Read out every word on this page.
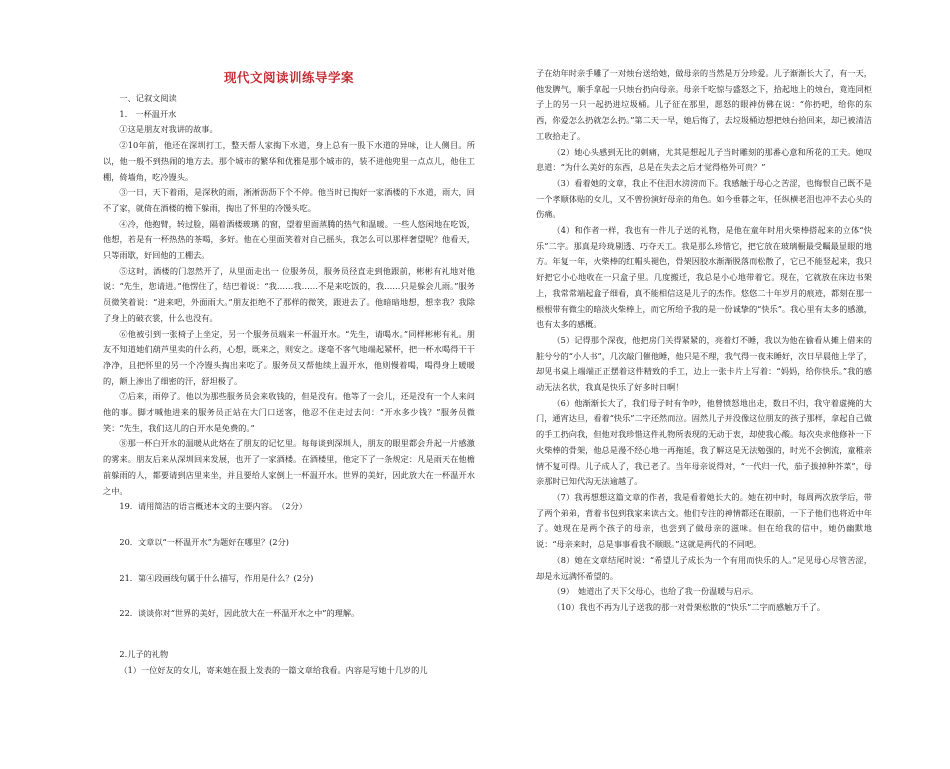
现代文阅读训练导学案

一、记叙文阅读

1.　一杯温开水

①这是朋友对我讲的故事。

②10年前，他还在深圳打工，整天帮人家掏下水道，身上总有一股下水道的异味，让人侧目。所以，他一般不到热闹的地方去。那个城市的繁华和优雅是那个城市的，装不进他兜里一点点儿，他住工棚，倚墙角，吃冷馒头。

③一日，天下着雨，是深秋的雨，淅淅沥沥下个不停。他当时已掏好一家酒楼的下水道，雨大，回不了家，就倚在酒楼的檐下躲雨，掏出了怀里的冷馒头吃。

④冷，他抱臂，转过脸，隔着酒楼玻璃 的窗，望着里面蒸腾的热气和温暖。一些人悠闲地在吃饭，他想，若是有一杯热热的茶喝，多好。他在心里面笑着对自己摇头，我怎么可以那样奢望呢？他看天，只等雨歇，好回他的工棚去。

⑤这时，酒楼的门忽然开了，从里面走出一 位服务员，服务员径直走到他跟前，彬彬有礼地对他说：“先生，您请进。”他愣住了，结巴着说：“我……我……不是来吃饭的，我……只是躲会儿雨。”服务员微笑着说：“进来吧，外面雨大。”朋友拒绝不了那样的微笑，跟进去了。他暗暗地想，想幸我？我除了身上的破衣裳，什么也没有。

⑥他被引到一张椅子上坐定，另一个服务员端来一杯温开水。“先生，请喝水。”同样彬彬有礼。朋友不知道她们葫芦里卖的什么药，心想，既来之，则安之。遂毫不客气地端起紧杯，把一杯水喝得干干净净，且把怀里的另一个冷馒头掏出来吃了。服务员又帮他续上温开水，他则慢着喝，喝得身上暖暖的，额上渗出了细密的汗，舒坦极了。

⑦后来，雨停了。他以为那些服务员会来收钱的，但是没有。他等了一会儿，还是没有一个人来问他的事。脚才喊他进来的服务员正站在大门口送客，他忍不住走过去问：“开水多少钱？”服务员微笑：“先生，我们这儿的白开水是免费的。”

⑧那一杯白开水的温暖从此烙在了朋友的记忆里。每每谈到深圳人，朋友的眼里都会升起一片感激的雾来。朋友后来从深圳回来发展，也开了一家酒楼。在酒楼里，他定下了一条规定：凡是雨天在他檐前躲雨的人，都要请到店里来坐，并且要给人家倒上一杯温开水。世界的美好，因此放大在一杯温开水之中。

19．请用简洁的语言概述本文的主要内容。　（2分）

20．文章以“一杯温开水”为题好在哪里？(2分)

21．第④段画线句属于什么描写，作用是什么？(2分)

22．谈谈你对“世界的美好，因此放大在一杯温开水之中”的理解。

2.儿子的礼物

（1）一位好友的女儿，寄来她在报上发表的一篇文章给我看。内容是写她十几岁的儿

子在幼年时亲手雕了一对烛台送给她，做母亲的当然是万分珍爱。儿子渐渐长大了，有一天，他发脾气，顺手拿起一只烛台扔向母亲。母亲千吃惊与盛怒之下，拾起地上的烛台，竟连同柜子上的另一只一起扔进垃圾桶。儿子征在那里，愿怒的眼神仿佛在说：“你扔吧，给你的东西，你爱怎么扔就怎么扔。”第二天一早，她后悔了，去垃圾桶边想把烛台拾回来，却已被清洁工收拾走了。

（2）她心头感到无比的刺痛，尤其是想起儿子当时雕刻的那番心意和所花的工夫。她叹息道：“为什么美好的东西，总是在失去之后才觉得格外可贵？”

（3）看着她的文章，我止不住泪水滂滂而下。我感触于母心之苦涩，也悔恨自己既不是一个孝顺体贴的女儿，又不曾扮演好母亲的角色。如今垂暮之年，任纵横老泪也冲不去心头的伤痛。

（4）和作者一样，我也有一件儿子送的礼物，是他在童年时用火柴棒搭起来的立体“快乐”二字。那真是玲珑剔透、巧夺天工。我是那么珍惜它，把它放在玻璃橱最受瞩最显眼的地方。年复一年，火柴棒的红帽头褪色，骨架因胶水渐渐脱落而松散了，它已不能竖起来，我只好把它小心地收在一只盒子里。几度搬迁，我总是小心地带着它。现在，它就放在床边书架上，我常常端起盒子细看，真不能相信这是儿子的杰作。悠悠二十年岁月的痕迹，都刻在那一根根带有微尘的暗淡火柴棒上，而它所给予我的是一份诚挚的“快乐”。我心里有太多的感激，也有太多的感概。

（5）记得那个深夜，他把房门关得紧紧的，亮着灯不睡，我以为他在偷看从摊上借来的脏兮兮的“小人书”，几次敲门催他睡，他只是不理，我气得一夜未睡好，次日早晨他上学了，却见书桌上端端正正摆着这件精致的手工，边上一张卡片上写着：“妈妈，给你快乐。”我的感动无法名状，我真是快乐了好多时日啊！

（6）他渐渐长大了，我们母子时有争吵，他曾愤怒地出走，数日不归，我守着虚掩的大门，通宵达旦，看着“快乐”二字还然而泣。固然儿子并没像这位朋友的孩子那样，拿起自己做的手工扔向我，但他对我珍惜这件礼物所表现的无动于衷，却使我心酸。每次央求他修补一下火柴棒的骨架，他总是漫不经心地一再拖延，我了解这是无法勉强的，时光不会倒流，童稚亲情不复可得。儿子成人了，我已老了。当年母亲说得对，“一代归一代，茄子拔掉种芥菜”，母亲那时已知代沟无法逾越了。

（7）我再想想这篇文章的作者，我是看着她长大的。她在初中时，每周两次放学后，带了两个弟弟，背着书包到我家来读古文。他们专注的神情都还在眼前，一下子他们也将近中年了。她现在是两个孩子的母亲，也尝到了做母亲的滋味。但在给我的信中，她仍幽默地说：“母亲来时，总是事事看我不顺眼。”这就是两代的不同吧。

（8）她在文章结尾时说：“希望儿子成长为一个有用而快乐的人。”足见母心尽管苦涩，却是永远满怀希望的。

（9）　她道出了天下父母心，也给了我一份温暖与启示。

（10）我也不再为儿子送我的那一对骨架松散的“快乐”二字而感触万千了。
